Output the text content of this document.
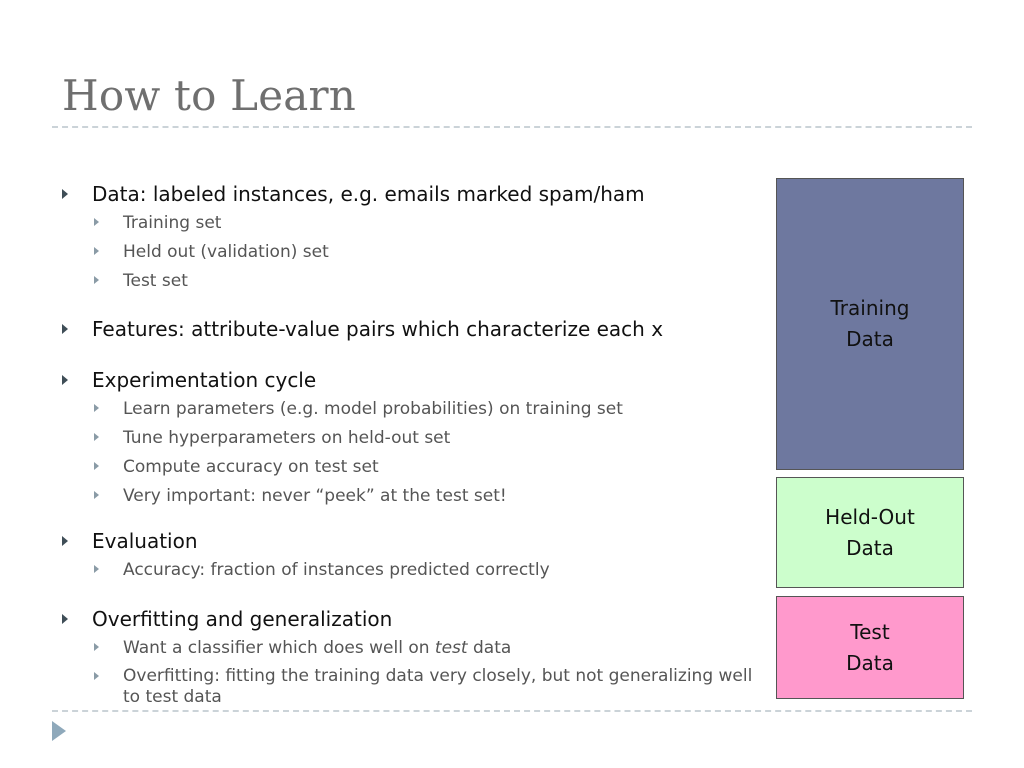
How to Learn
Data: labeled instances, e.g. emails marked spam/ham
Training set
Held out (validation) set
Test set
Features: attribute-value pairs which characterize each x
Experimentation cycle
Learn parameters (e.g. model probabilities) on training set
Tune hyperparameters on held-out set
Compute accuracy on test set
Very important: never “peek” at the test set!
Evaluation
Accuracy: fraction of instances predicted correctly
Overfitting and generalization
Want a classifier which does well on test data
Overfitting: fitting the training data very closely, but not generalizing well to test data
Training
Data
Held-Out
Data
Test
Data
